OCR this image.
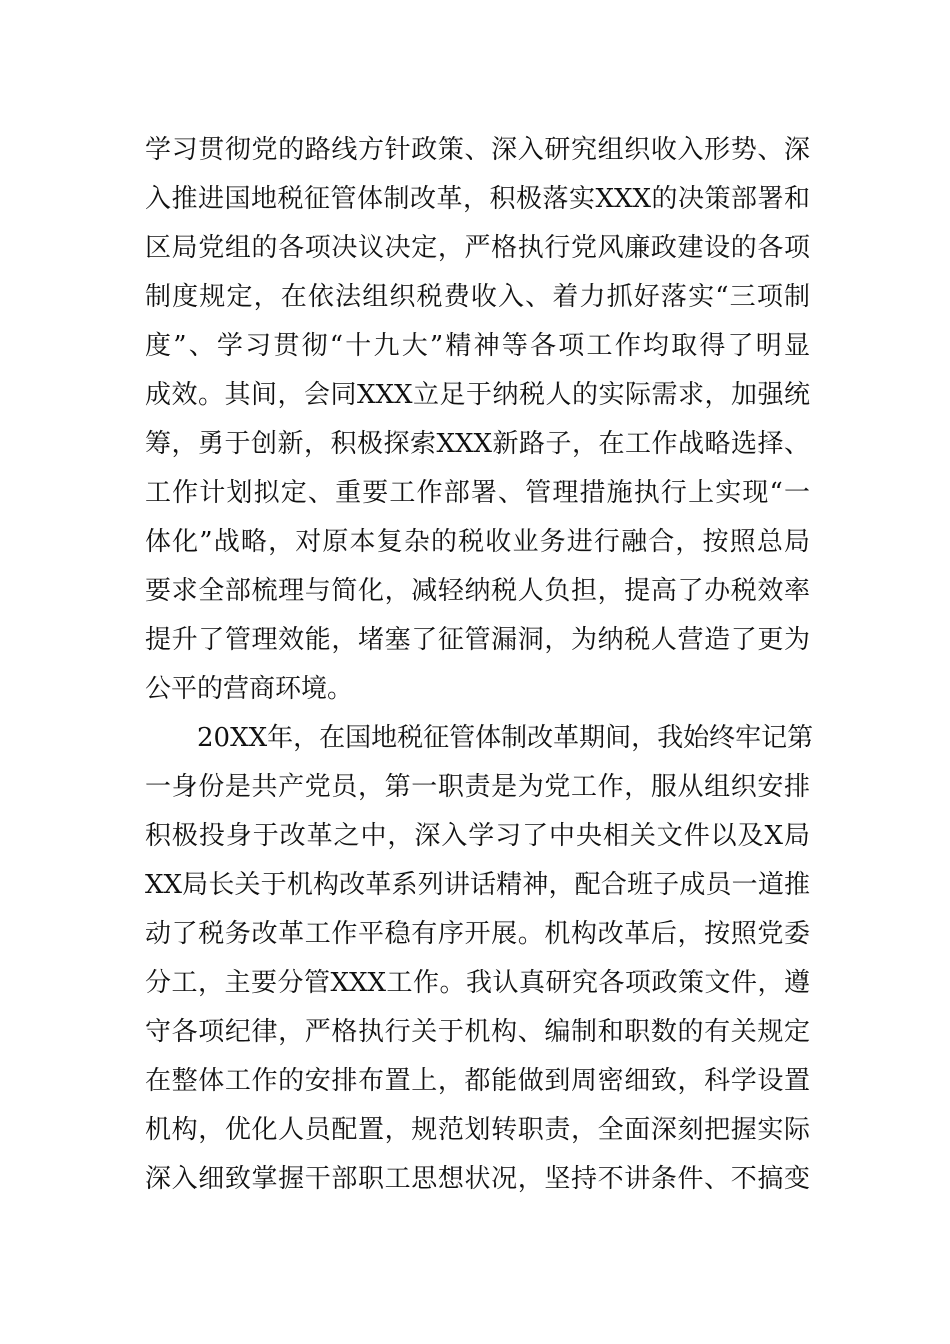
学习贯彻党的路线方针政策、深入研究组织收入形势、深
入推进国地税征管体制改革，积极落实XXX的决策部署和
区局党组的各项决议决定，严格执行党风廉政建设的各项
制度规定，在依法组织税费收入、着力抓好落实“三项制
度”、学习贯彻“十九大”精神等各项工作均取得了明显
成效。其间，会同XXX立足于纳税人的实际需求，加强统
筹，勇于创新，积极探索XXX新路子，在工作战略选择、
工作计划拟定、重要工作部署、管理措施执行上实现“一
体化”战略，对原本复杂的税收业务进行融合，按照总局
要求全部梳理与简化，减轻纳税人负担，提高了办税效率
提升了管理效能，堵塞了征管漏洞，为纳税人营造了更为
公平的营商环境。
20XX年，在国地税征管体制改革期间，我始终牢记第
一身份是共产党员，第一职责是为党工作，服从组织安排
积极投身于改革之中，深入学习了中央相关文件以及X局
XX局长关于机构改革系列讲话精神，配合班子成员一道推
动了税务改革工作平稳有序开展。机构改革后，按照党委
分工，主要分管XXX工作。我认真研究各项政策文件，遵
守各项纪律，严格执行关于机构、编制和职数的有关规定
在整体工作的安排布置上，都能做到周密细致，科学设置
机构，优化人员配置，规范划转职责，全面深刻把握实际
深入细致掌握干部职工思想状况，坚持不讲条件、不搞变
